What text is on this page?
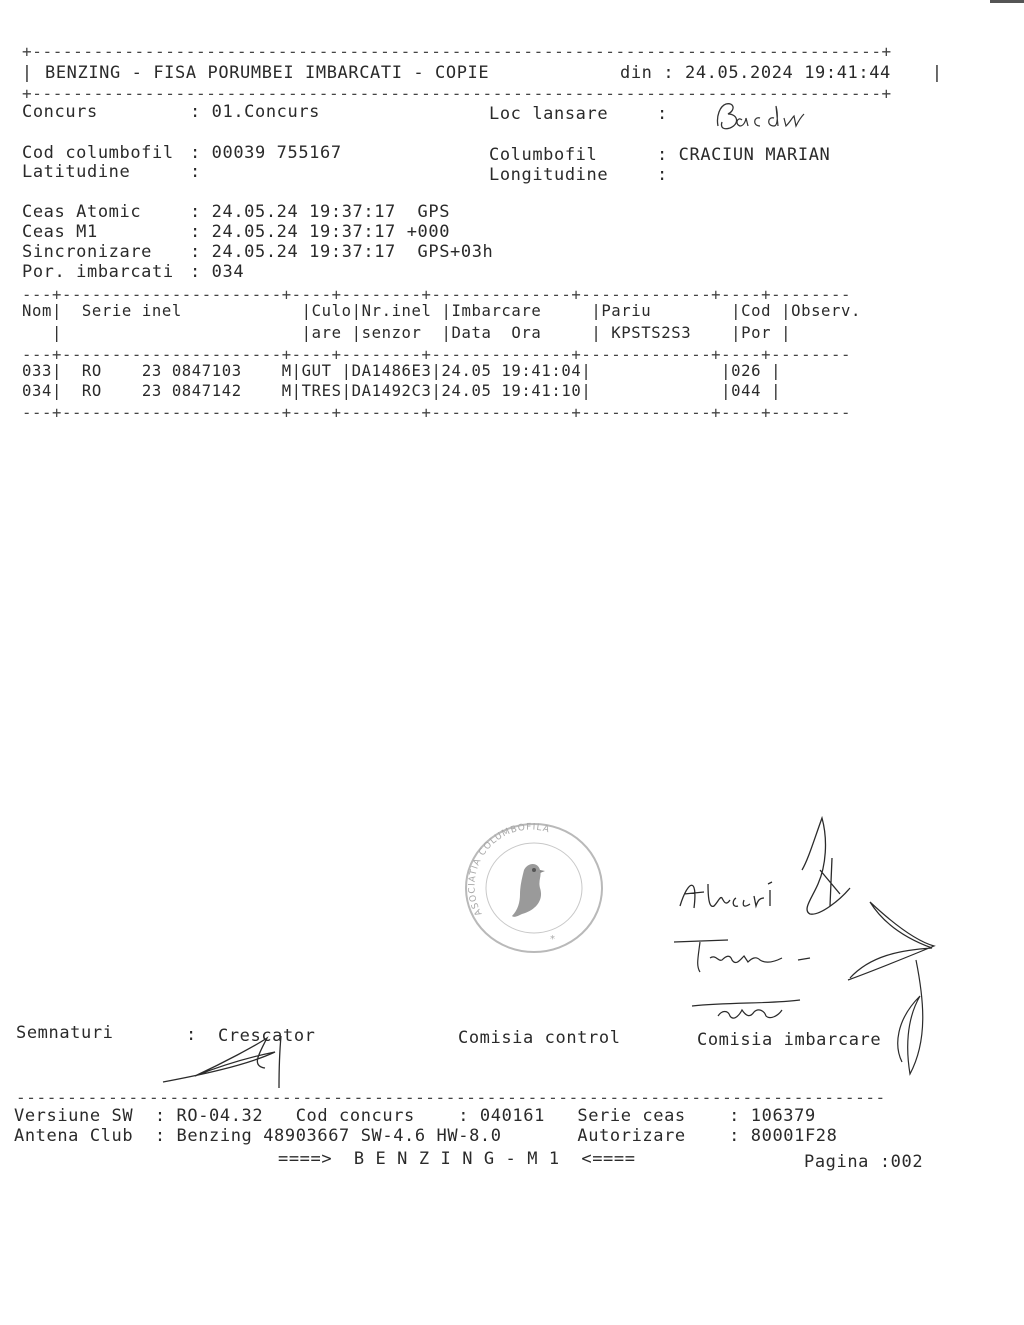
+-----------------------------------------------------------------------------------+
| BENZING - FISA PORUMBEI IMBARCATI - COPIE	din : 24.05.2024 19:41:44 |
+-----------------------------------------------------------------------------------+
Concurs	: 01.Concurs	Loc lansare	:
Cod columbofil : 00039 755167	Columbofil	: CRACIUN MARIAN
Latitudine	:	Longitudine	:
Ceas Atomic	: 24.05.24 19:37:17  GPS
Ceas M1	: 24.05.24 19:37:17 +000
Sincronizare : 24.05.24 19:37:17  GPS+03h
Por. imbarcati : 034
---+----------------------+----+--------+--------------+-------------+----+--------
Nom|  Serie inel            |Culo|Nr.inel |Imbarcare     |Pariu        |Cod |Observ.
|                        |are |senzor  |Data  Ora     | KPSTS2S3    |Por |
---+----------------------+----+--------+--------------+-------------+----+--------
033|  RO    23 0847103    M|GUT |DA1486E3|24.05 19:41:04|             |026 |
034|  RO    23 0847142    M|TRES|DA1492C3|24.05 19:41:10|             |044 |
---+----------------------+----+--------+--------------+-------------+----+--------
ASOCIATIA COLUMBOFILA
*
Semnaturi	: Crescator	Comisia control	Comisia imbarcare
-------------------------------------------------------------------------------------
Versiune SW  : RO-04.32   Cod concurs    : 040161   Serie ceas    : 106379
Antena Club  : Benzing 48903667 SW-4.6 HW-8.0       Autorizare    : 80001F28
====>  B E N Z I N G - M 1  <====	Pagina :002
